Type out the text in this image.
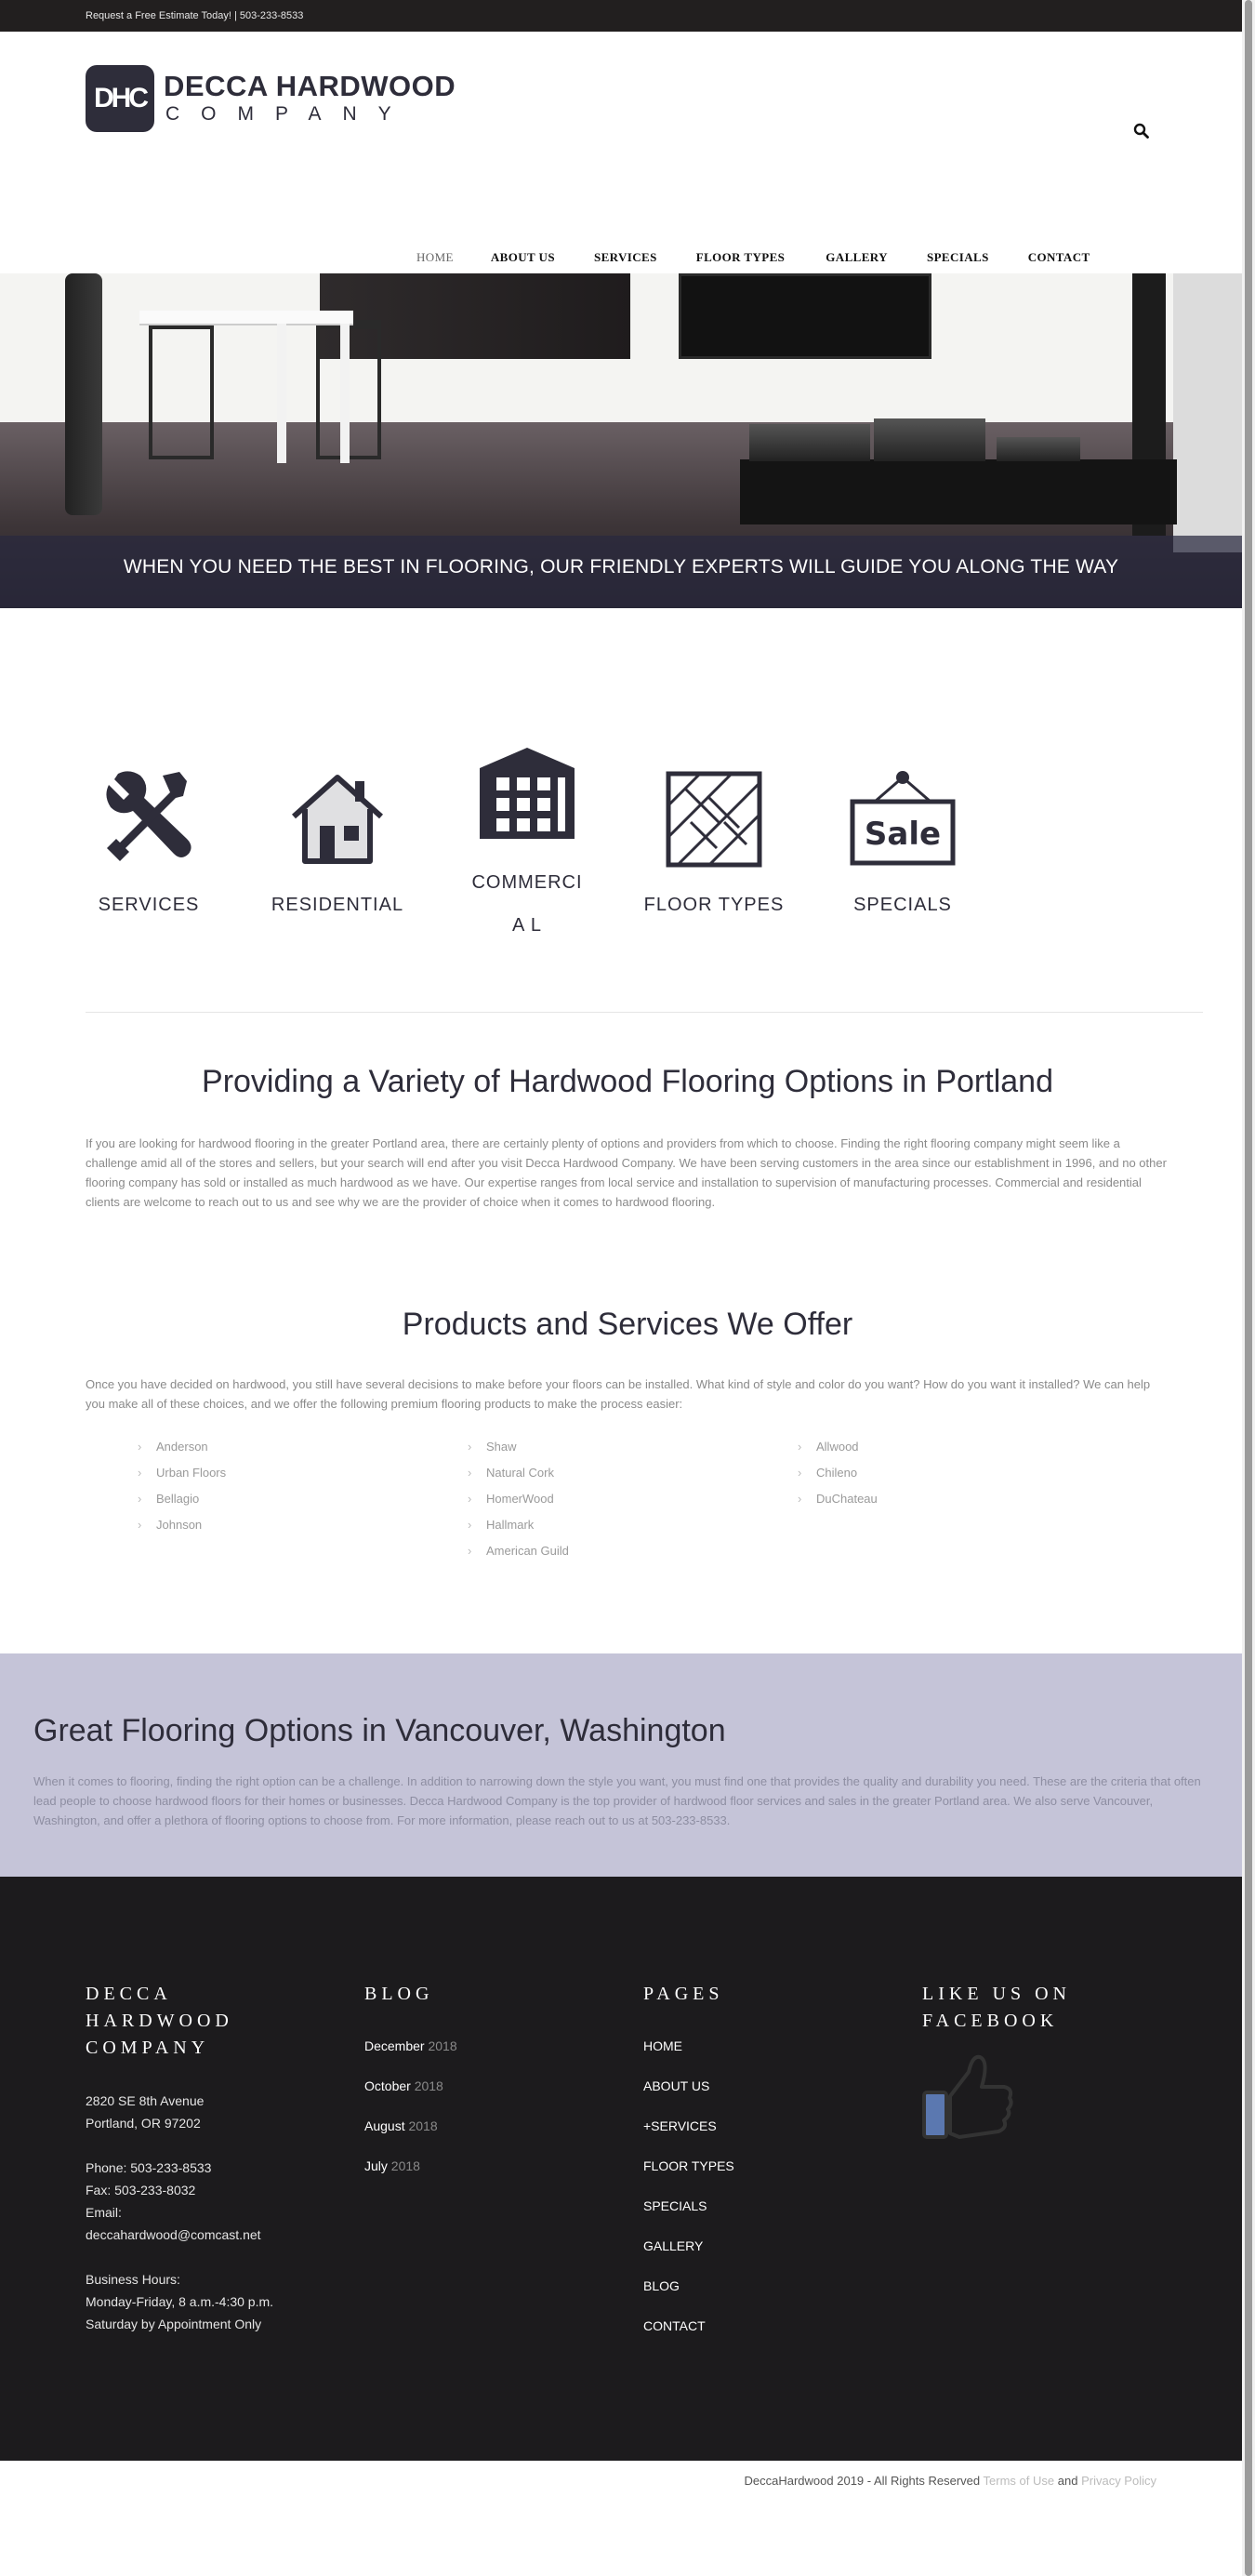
Request a Free Estimate Today! | 503-233-8533
DHC DECCA HARDWOOD
COMPANY
HOME	ABOUT US	SERVICES	FLOOR TYPES	GALLERY	SPECIALS	CONTACT
WHEN YOU NEED THE BEST IN FLOORING, OUR FRIENDLY EXPERTS WILL GUIDE YOU ALONG THE WAY
SERVICES	RESIDENTIAL
COMMERCIA L
FLOOR TYPES
Sale
SPECIALS
Providing a Variety of Hardwood Flooring Options in Portland

If you are looking for hardwood flooring in the greater Portland area, there are certainly plenty of options and providers from which to choose. Finding the right flooring company might seem like a challenge amid all of the stores and sellers, but your search will end after you visit Decca Hardwood Company. We have been serving customers in the area since our establishment in 1996, and no other flooring company has sold or installed as much hardwood as we have. Our expertise ranges from local service and installation to supervision of manufacturing processes. Commercial and residential clients are welcome to reach out to us and see why we are the provider of choice when it comes to hardwood flooring.

Products and Services We Offer

Once you have decided on hardwood, you still have several decisions to make before your floors can be installed. What kind of style and color do you want? How do you want it installed? We can help you make all of these choices, and we offer the following premium flooring products to make the process easier:

› Anderson
› Urban Floors
› Bellagio
› Johnson
› Shaw
› Natural Cork
› HomerWood
› Hallmark
› American Guild
› Allwood
› Chileno
› DuChateau
Great Flooring Options in Vancouver, Washington

When it comes to flooring, finding the right option can be a challenge. In addition to narrowing down the style you want, you must find one that provides the quality and durability you need. These are the criteria that often lead people to choose hardwood floors for their homes or businesses. Decca Hardwood Company is the top provider of hardwood floor services and sales in the greater Portland area. We also serve Vancouver, Washington, and offer a plethora of flooring options to choose from. For more information, please reach out to us at 503-233-8533.

DECCA HARDWOOD COMPANY
2820 SE 8th Avenue
Portland, OR 97202
Phone: 503-233-8533
Fax: 503-233-8032
Email: deccahardwood@comcast.net
Business Hours:
Monday-Friday, 8 a.m.-4:30 p.m.
Saturday by Appointment Only
BLOG
December 2018
October 2018
August 2018
July 2018
PAGES
HOME
ABOUT US
+SERVICES
FLOOR TYPES
SPECIALS
GALLERY
BLOG
CONTACT
LIKE US ON FACEBOOK
DeccaHardwood 2019 - All Rights Reserved Terms of Use and Privacy Policy
